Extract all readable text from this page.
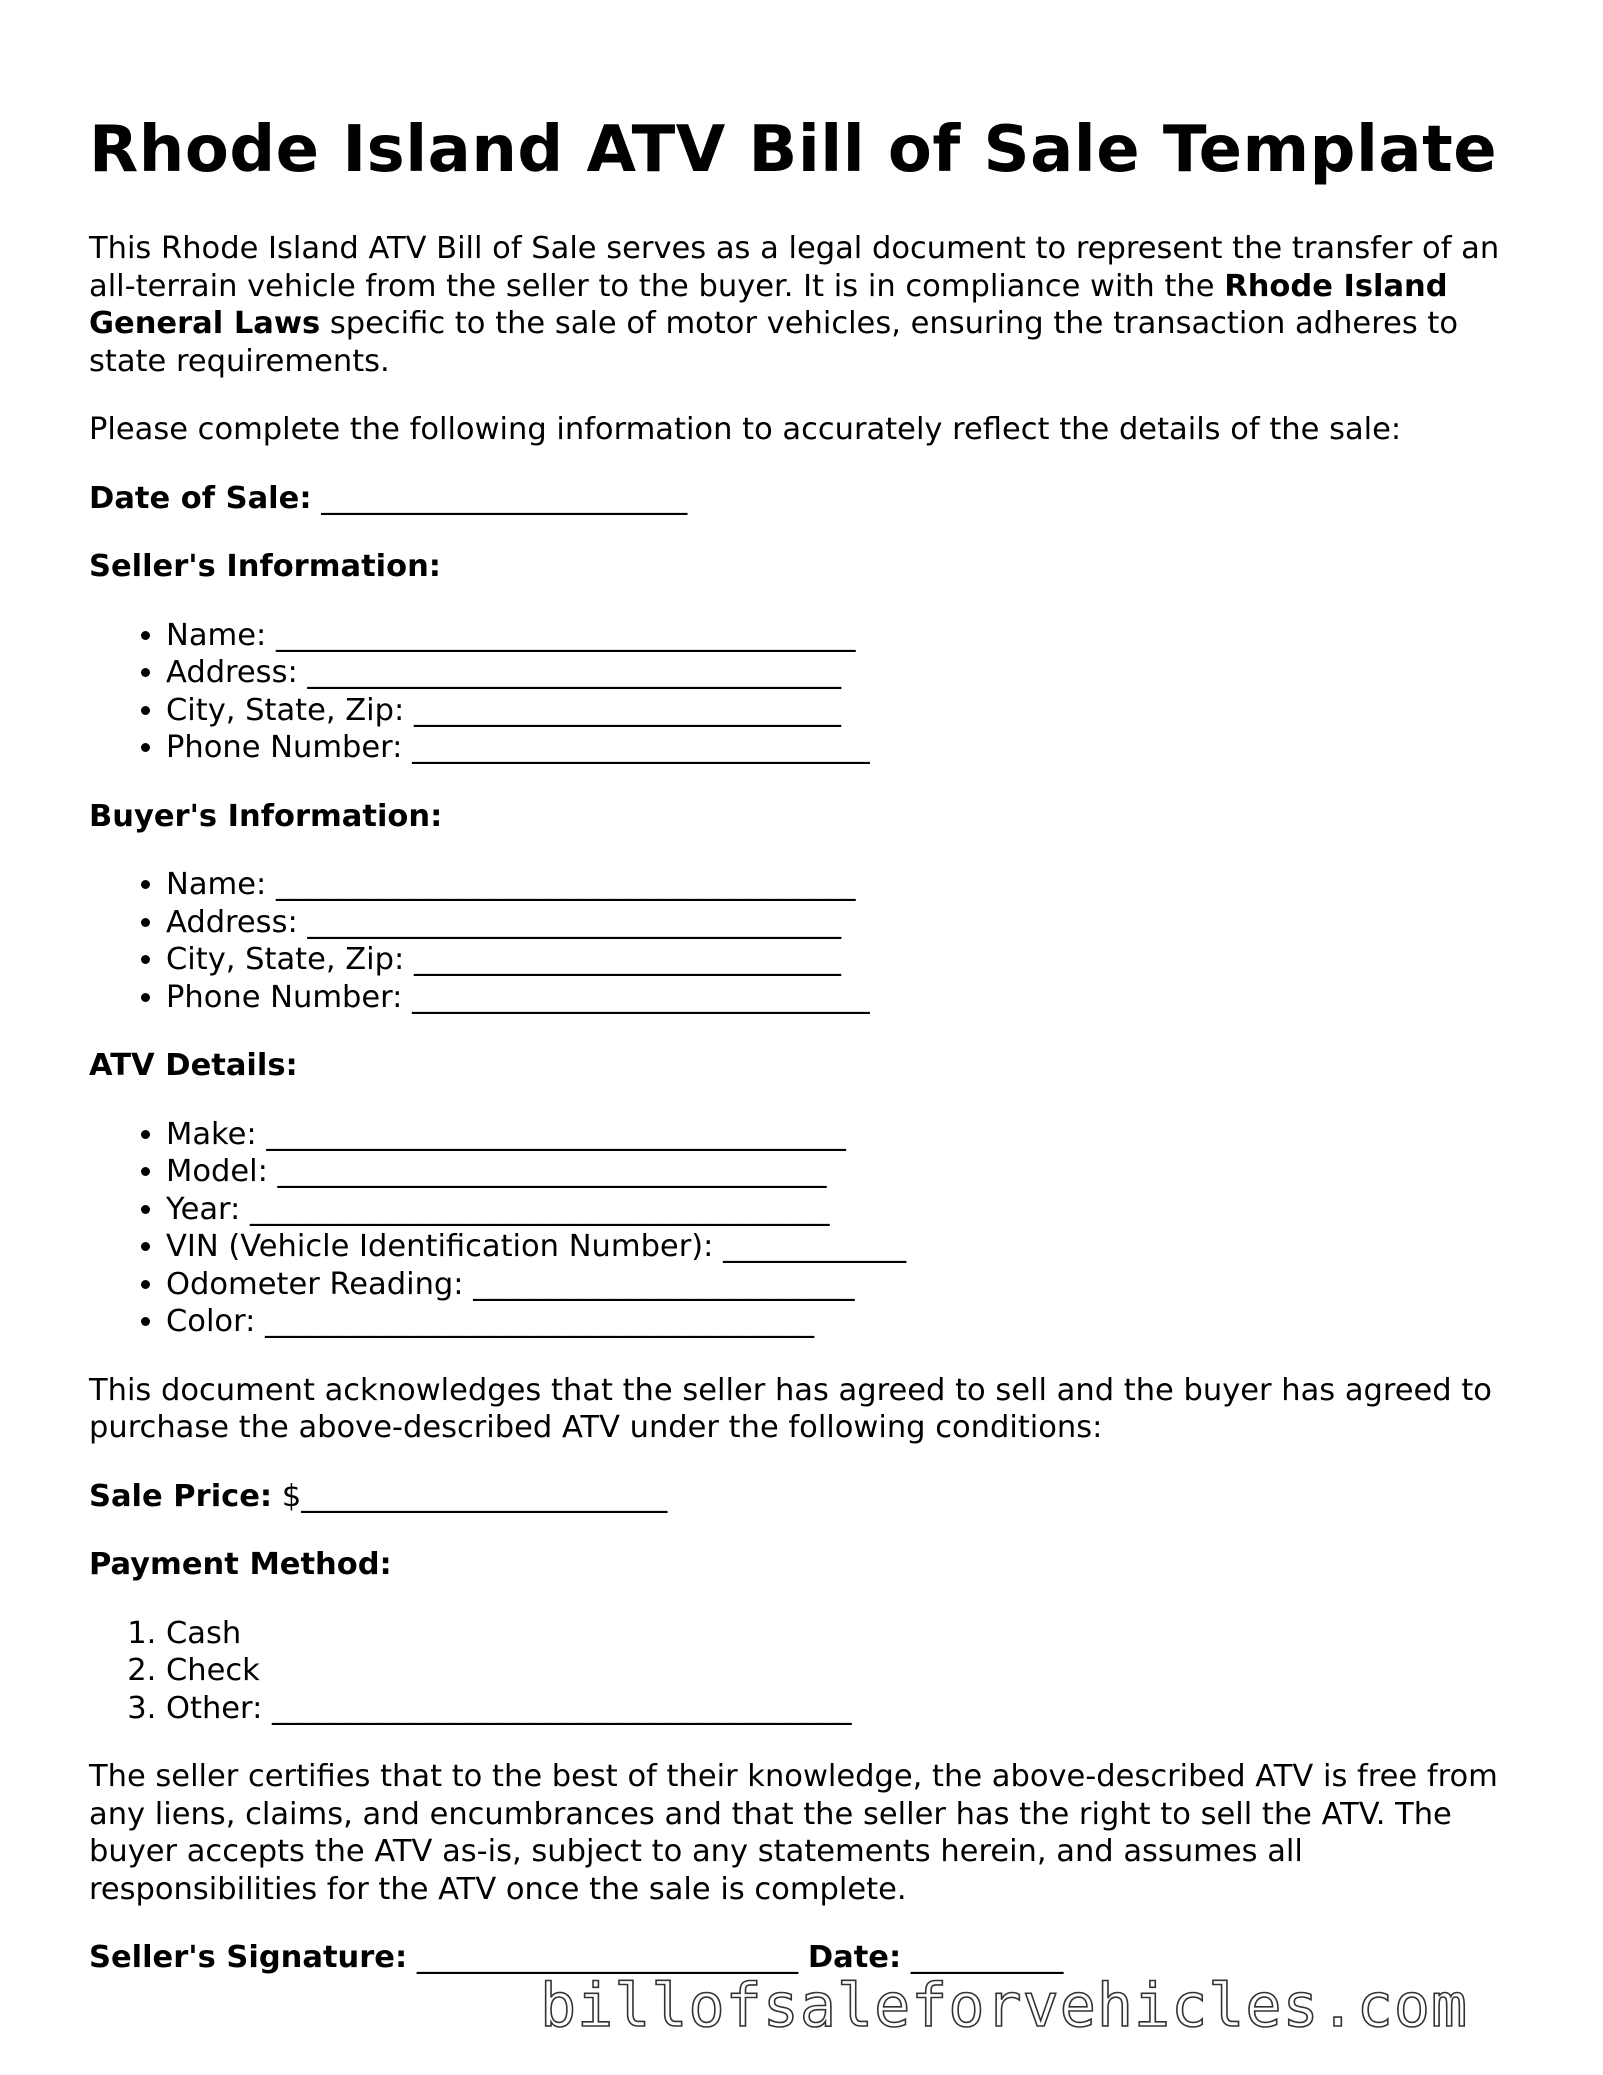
Rhode Island ATV Bill of Sale Template

This Rhode Island ATV Bill of Sale serves as a legal document to represent the transfer of an all-terrain vehicle from the seller to the buyer. It is in compliance with the Rhode Island General Laws specific to the sale of motor vehicles, ensuring the transaction adheres to state requirements.

Please complete the following information to accurately reflect the details of the sale:

Date of Sale: ________________________

Seller's Information:

• Name: ______________________________________
• Address: ___________________________________
• City, State, Zip: ____________________________
• Phone Number: ______________________________

Buyer's Information:

• Name: ______________________________________
• Address: ___________________________________
• City, State, Zip: ____________________________
• Phone Number: ______________________________

ATV Details:

• Make: ______________________________________
• Model: ____________________________________
• Year: ______________________________________
• VIN (Vehicle Identification Number): ____________
• Odometer Reading: _________________________
• Color: ____________________________________

This document acknowledges that the seller has agreed to sell and the buyer has agreed to purchase the above-described ATV under the following conditions:

Sale Price: $________________________

Payment Method:

1. Cash
2. Check
3. Other: ______________________________________

The seller certifies that to the best of their knowledge, the above-described ATV is free from any liens, claims, and encumbrances and that the seller has the right to sell the ATV. The buyer accepts the ATV as-is, subject to any statements herein, and assumes all responsibilities for the ATV once the sale is complete.

Seller's Signature: _________________________ Date: __________

billofsaleforvehicles.com
